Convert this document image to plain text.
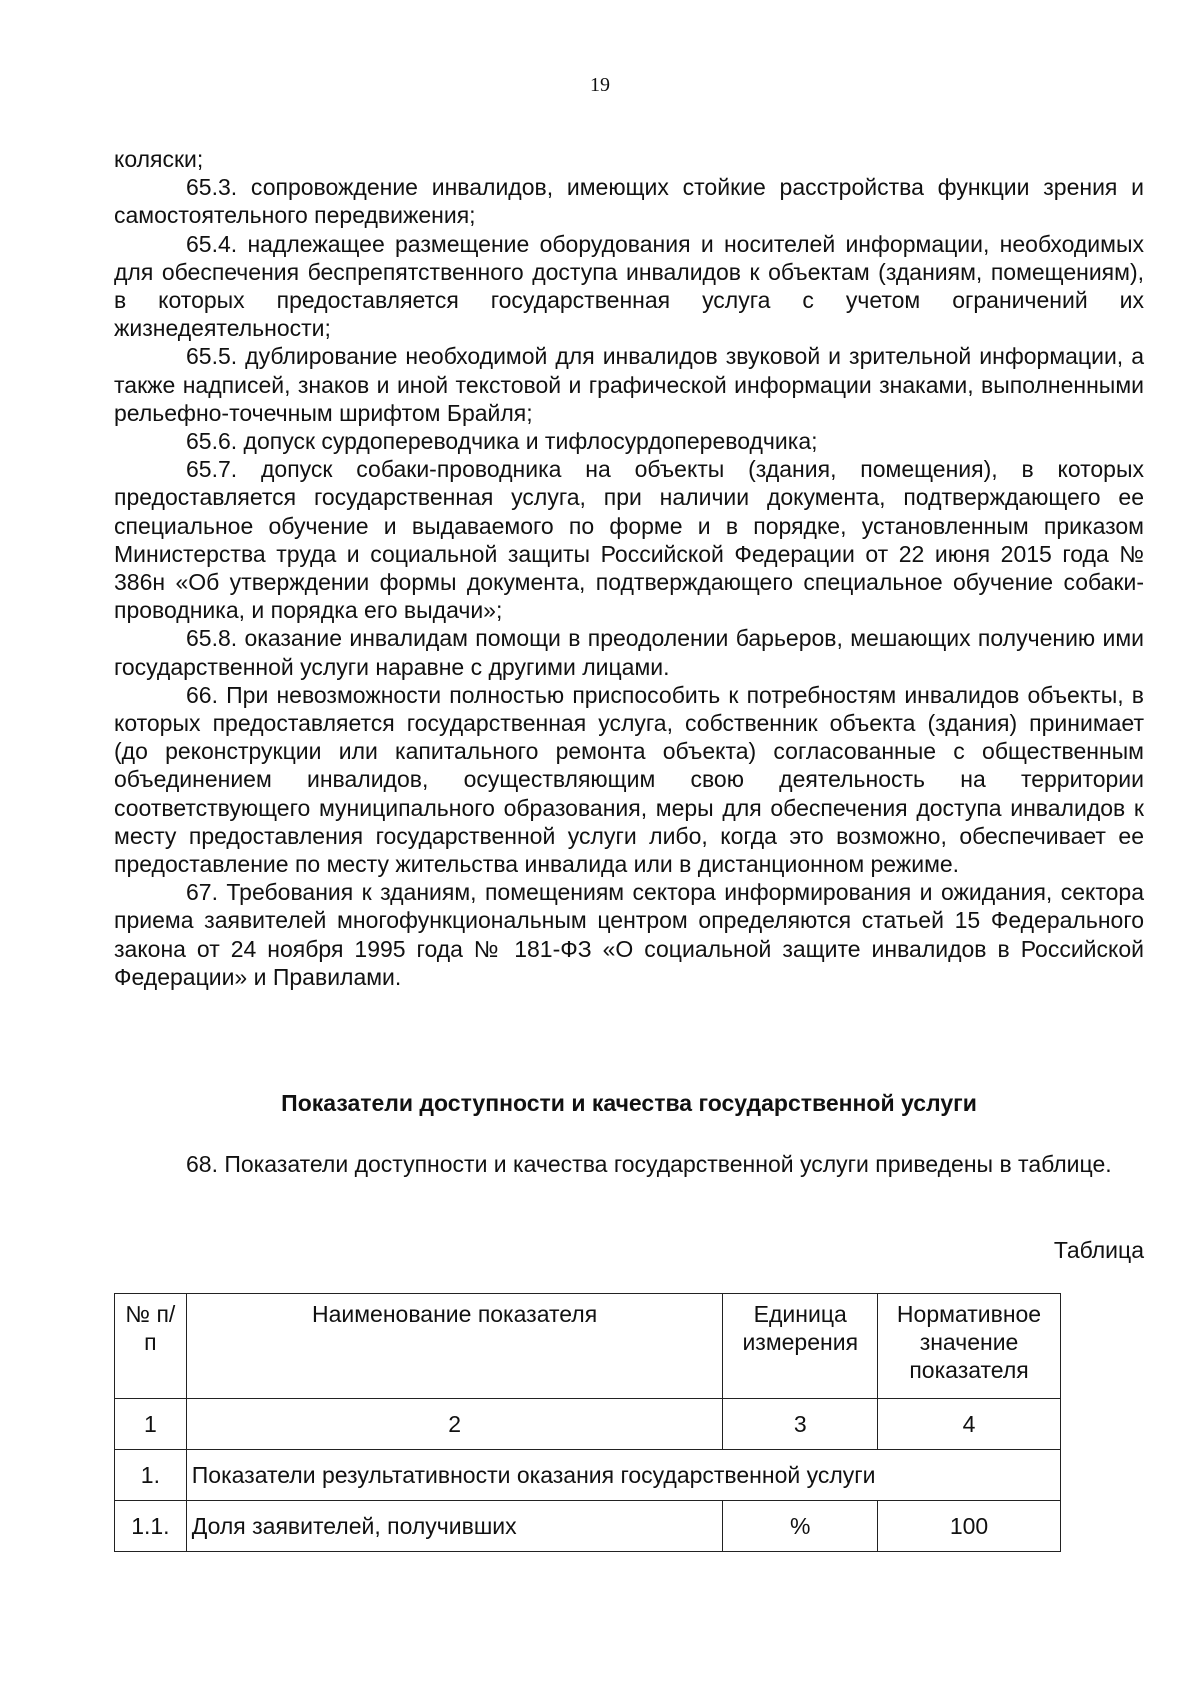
19

коляски;

65.3. сопровождение инвалидов, имеющих стойкие расстройства функции зрения и самостоятельного передвижения;

65.4. надлежащее размещение оборудования и носителей информации, необходимых для обеспечения беспрепятственного доступа инвалидов к объектам (зданиям, помещениям), в которых предоставляется государственная услуга с учетом ограничений их жизнедеятельности;

65.5. дублирование необходимой для инвалидов звуковой и зрительной информации, а также надписей, знаков и иной текстовой и графической информации знаками, выполненными рельефно-точечным шрифтом Брайля;

65.6. допуск сурдопереводчика и тифлосурдопереводчика;

65.7. допуск собаки-проводника на объекты (здания, помещения), в которых предоставляется государственная услуга, при наличии документа, подтверждающего ее специальное обучение и выдаваемого по форме и в порядке, установленным приказом Министерства труда и социальной защиты Российской Федерации от 22 июня 2015 года № 386н «Об утверждении формы документа, подтверждающего специальное обучение собаки-проводника, и порядка его выдачи»;

65.8. оказание инвалидам помощи в преодолении барьеров, мешающих получению ими государственной услуги наравне с другими лицами.

66. При невозможности полностью приспособить к потребностям инвалидов объекты, в которых предоставляется государственная услуга, собственник объекта (здания) принимает (до реконструкции или капитального ремонта объекта) согласованные с общественным объединением инвалидов, осуществляющим свою деятельность на территории соответствующего муниципального образования, меры для обеспечения доступа инвалидов к месту предоставления государственной услуги либо, когда это возможно, обеспечивает ее предоставление по месту жительства инвалида или в дистанционном режиме.

67. Требования к зданиям, помещениям сектора информирования и ожидания, сектора приема заявителей многофункциональным центром определяются статьей 15 Федерального закона от 24 ноября 1995 года № 181-ФЗ «О социальной защите инвалидов в Российской Федерации» и Правилами.

Показатели доступности и качества государственной услуги

68. Показатели доступности и качества государственной услуги приведены в таблице.

Таблица
№ п/п	Наименование показателя	Единица измерения	Нормативное значение показателя
1	2	3	4
1.	Показатели результативности оказания государственной услуги		
1.1.	Доля заявителей, получивших	%	100
